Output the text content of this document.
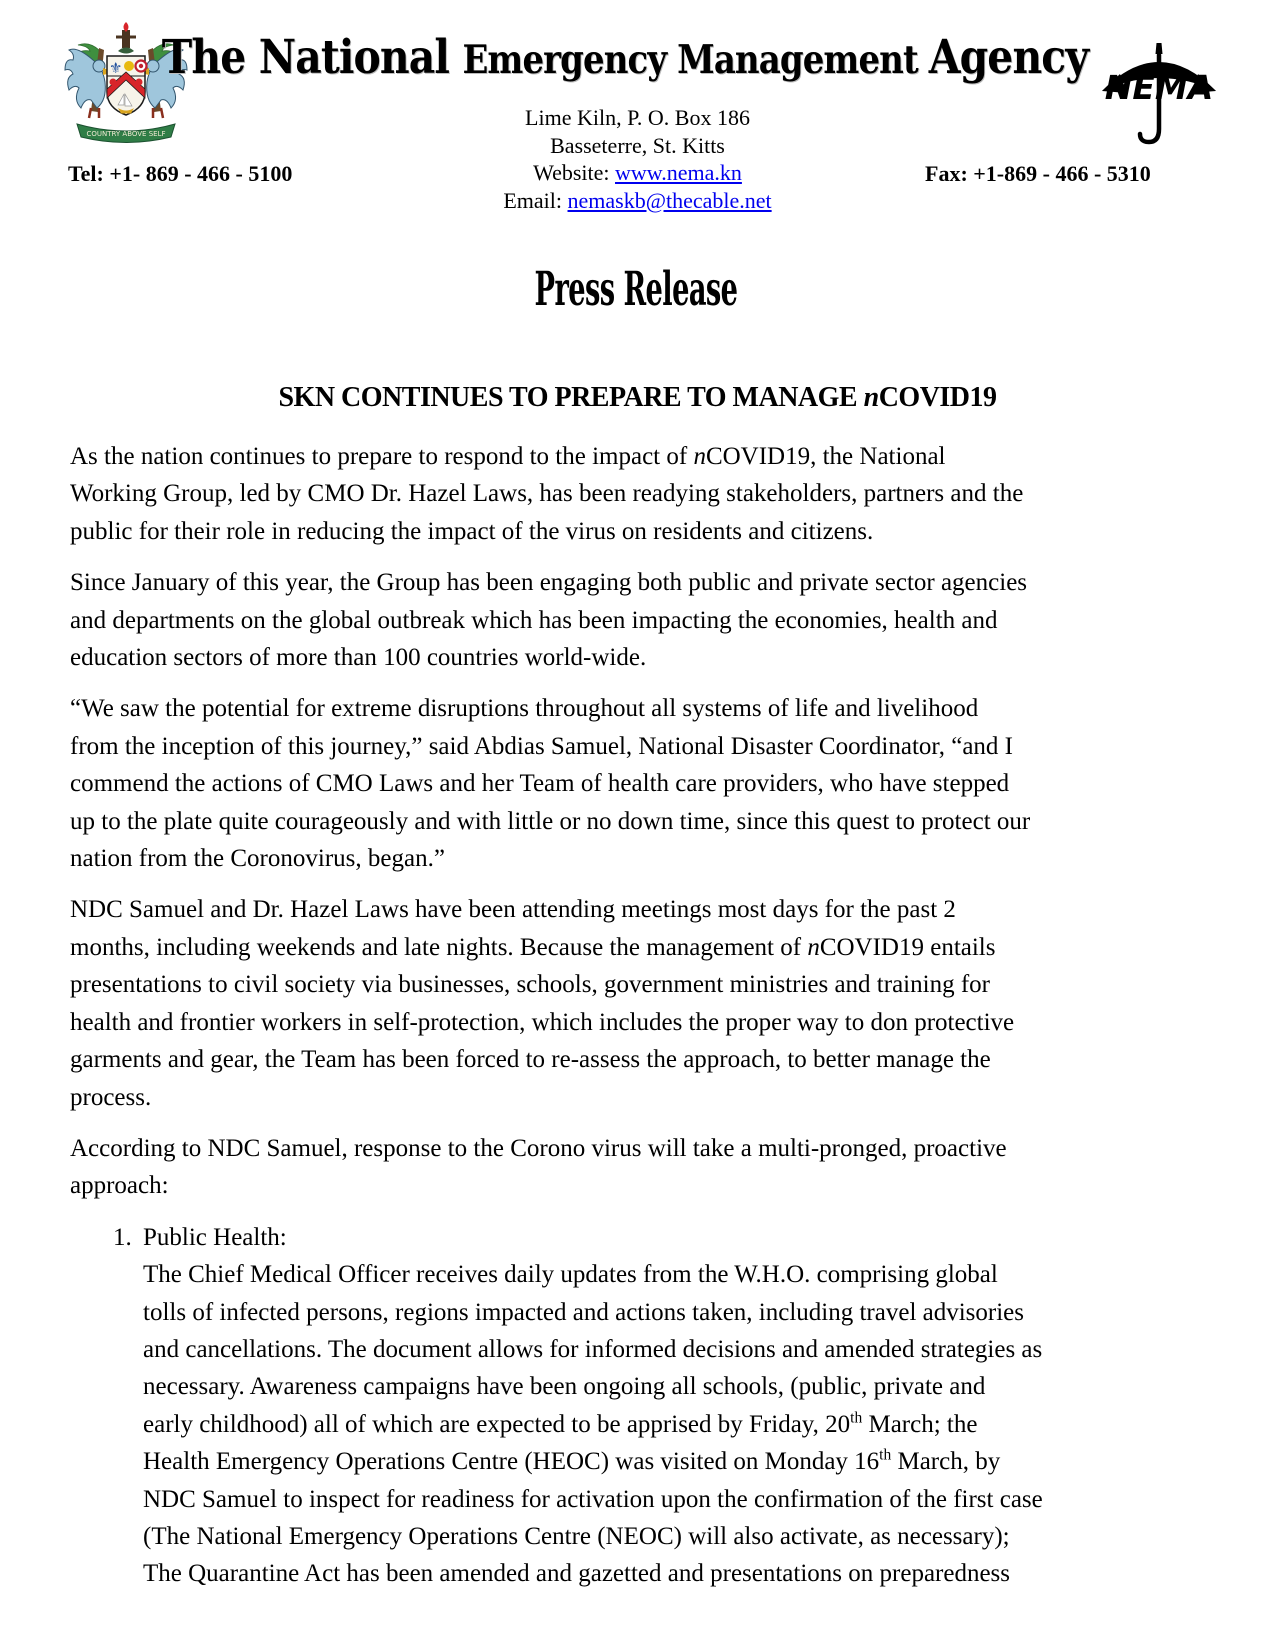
⚜
COUNTRY ABOVE SELF
The National Emergency Management Agency
NEMA
Lime Kiln, P. O. Box 186
Basseterre, St. Kitts
Website: www.nema.kn
Email: nemaskb@thecable.net
Tel: +1- 869 - 466 - 5100	Fax: +1-869 - 466 - 5310
Press Release
SKN CONTINUES TO PREPARE TO MANAGE nCOVID19
As the nation continues to prepare to respond to the impact of nCOVID19, the National
Working Group, led by CMO Dr. Hazel Laws, has been readying stakeholders, partners and the
public for their role in reducing the impact of the virus on residents and citizens.
Since January of this year, the Group has been engaging both public and private sector agencies
and departments on the global outbreak which has been impacting the economies, health and
education sectors of more than 100 countries world-wide.
“We saw the potential for extreme disruptions throughout all systems of life and livelihood
from the inception of this journey,” said Abdias Samuel, National Disaster Coordinator, “and I
commend the actions of CMO Laws and her Team of health care providers, who have stepped
up to the plate quite courageously and with little or no down time, since this quest to protect our
nation from the Coronovirus, began.”
NDC Samuel and Dr. Hazel Laws have been attending meetings most days for the past 2
months, including weekends and late nights. Because the management of nCOVID19 entails
presentations to civil society via businesses, schools, government ministries and training for
health and frontier workers in self-protection, which includes the proper way to don protective
garments and gear, the Team has been forced to re-assess the approach, to better manage the
process.
According to NDC Samuel, response to the Corono virus will take a multi-pronged, proactive
approach:
1. Public Health:
The Chief Medical Officer receives daily updates from the W.H.O. comprising global
tolls of infected persons, regions impacted and actions taken, including travel advisories
and cancellations. The document allows for informed decisions and amended strategies as
necessary. Awareness campaigns have been ongoing all schools, (public, private and
early childhood) all of which are expected to be apprised by Friday, 20th March; the
Health Emergency Operations Centre (HEOC) was visited on Monday 16th March, by
NDC Samuel to inspect for readiness for activation upon the confirmation of the first case
(The National Emergency Operations Centre (NEOC) will also activate, as necessary);
The Quarantine Act has been amended and gazetted and presentations on preparedness
